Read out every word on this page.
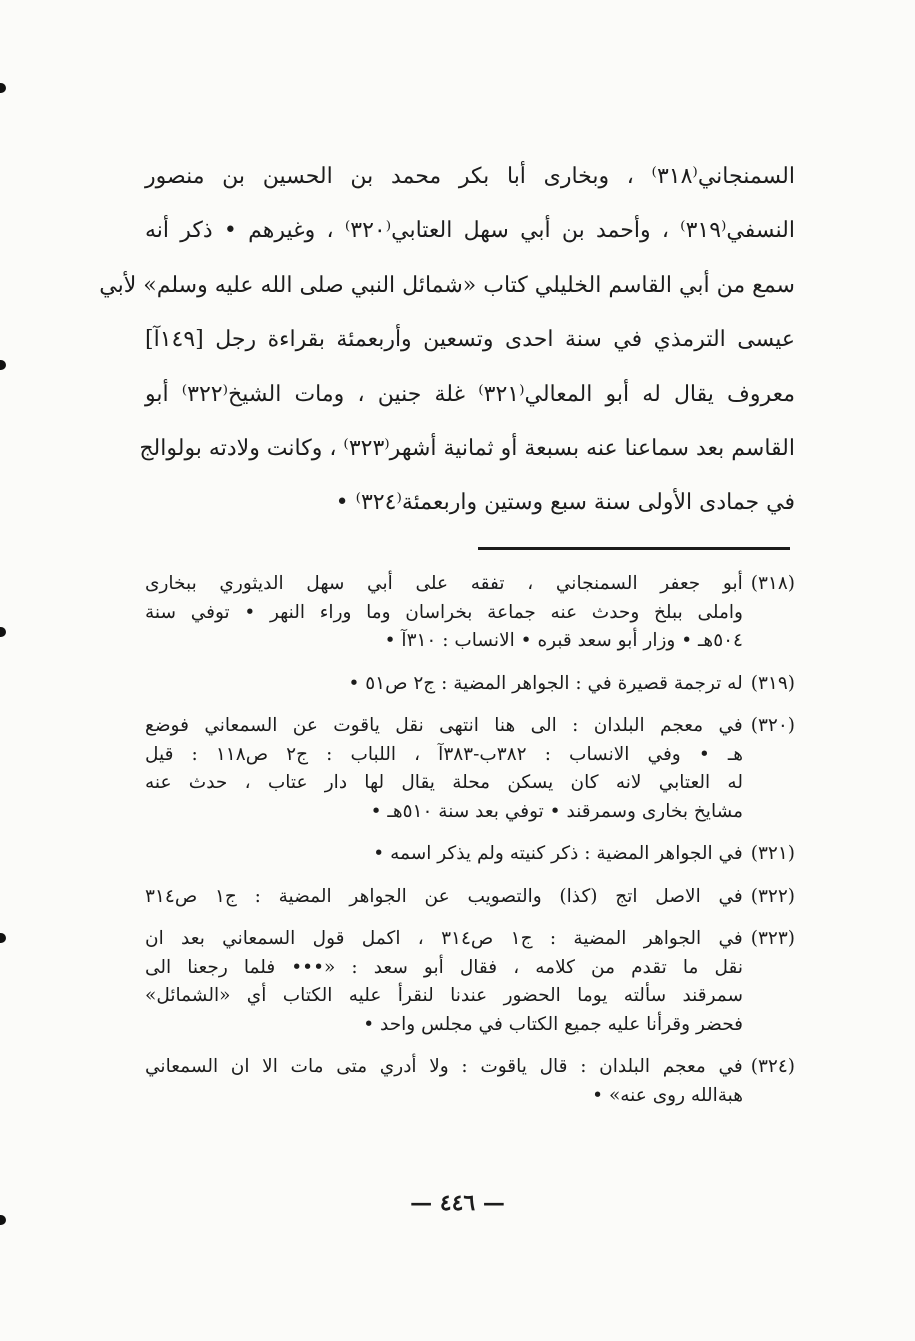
السمنجاني⁽٣١٨⁾ ، وبخارى أبا بكر محمد بن الحسين بن منصور
النسفي⁽٣١٩⁾ ، وأحمد بن أبي سهل العتابي⁽٣٢٠⁾ ، وغيرهم • ذكر أنه
سمع من أبي القاسم الخليلي كتاب «شمائل النبي صلى الله عليه وسلم» لأبي
عيسى الترمذي في سنة احدى وتسعين وأربعمئة بقراءة رجل [١٤٩آ]
معروف يقال له أبو المعالي⁽٣٢١⁾ غلة جنين ، ومات الشيخ⁽٣٢٢⁾ أبو
القاسم بعد سماعنا عنه بسبعة أو ثمانية أشهر⁽٣٢٣⁾ ، وكانت ولادته بولوالج
في جمادى الأولى سنة سبع وستين واربعمئة⁽٣٢٤⁾ •
(٣١٨)أبو جعفر السمنجاني ، تفقه على أبي سهل الديثوري ببخارى
واملى ببلخ وحدث عنه جماعة بخراسان وما وراء النهر • توفي سنة
٥٠٤هـ • وزار أبو سعد قبره • الانساب : ٣١٠آ •
(٣١٩)له ترجمة قصيرة في : الجواهر المضية : ج٢ ص٥١ •
(٣٢٠)في معجم البلدان : الى هنا انتهى نقل ياقوت عن السمعاني فوضع
هـ • وفي الانساب : ٣٨٢ب-٣٨٣آ ، اللباب : ج٢ ص١١٨ : قيل
له العتابي لانه كان يسكن محلة يقال لها دار عتاب ، حدث عنه
مشايخ بخارى وسمرقند • توفي بعد سنة ٥١٠هـ •
(٣٢١)في الجواهر المضية : ذكر كنيته ولم يذكر اسمه •
(٣٢٢)في الاصل اتج (كذا) والتصويب عن الجواهر المضية : ج١ ص٣١٤
(٣٢٣)في الجواهر المضية : ج١ ص٣١٤ ، اكمل قول السمعاني بعد ان
نقل ما تقدم من كلامه ، فقال أبو سعد : «••• فلما رجعنا الى
سمرقند سألته يوما الحضور عندنا لنقرأ عليه الكتاب أي «الشمائل»
فحضر وقرأنا عليه جميع الكتاب في مجلس واحد •
(٣٢٤)في معجم البلدان : قال ياقوت : ولا أدري متى مات الا ان السمعاني
هبةالله روى عنه» •
— ٤٤٦ —
